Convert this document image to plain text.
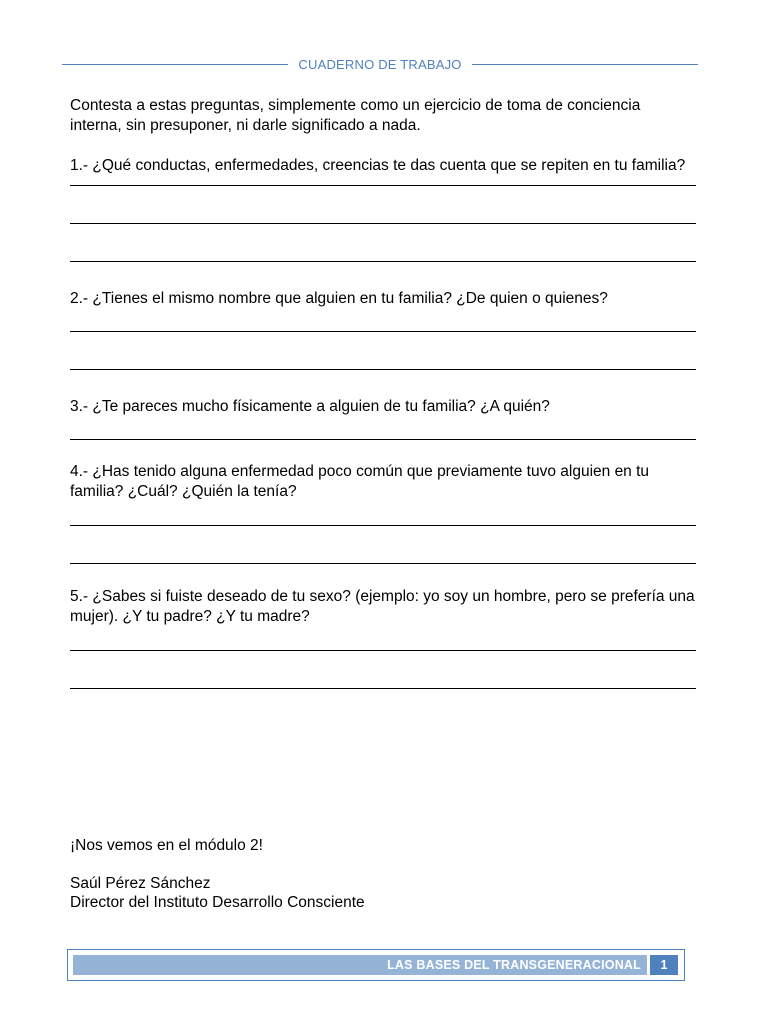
CUADERNO DE TRABAJO

Contesta a estas preguntas, simplemente como un ejercicio de toma de conciencia interna, sin presuponer, ni darle significado a nada.

1.- ¿Qué conductas, enfermedades, creencias te das cuenta que se repiten en tu familia?

2.- ¿Tienes el mismo nombre que alguien en tu familia? ¿De quien o quienes?

3.- ¿Te pareces mucho físicamente a alguien de tu familia? ¿A quién?

4.- ¿Has tenido alguna enfermedad poco común que previamente tuvo alguien en tu familia? ¿Cuál? ¿Quién la tenía?

5.- ¿Sabes si fuiste deseado de tu sexo? (ejemplo: yo soy un hombre, pero se prefería una mujer). ¿Y tu padre? ¿Y tu madre?

¡Nos vemos en el módulo 2!

Saúl Pérez Sánchez

Director del Instituto Desarrollo Consciente

LAS BASES DEL TRANSGENERACIONAL	1
